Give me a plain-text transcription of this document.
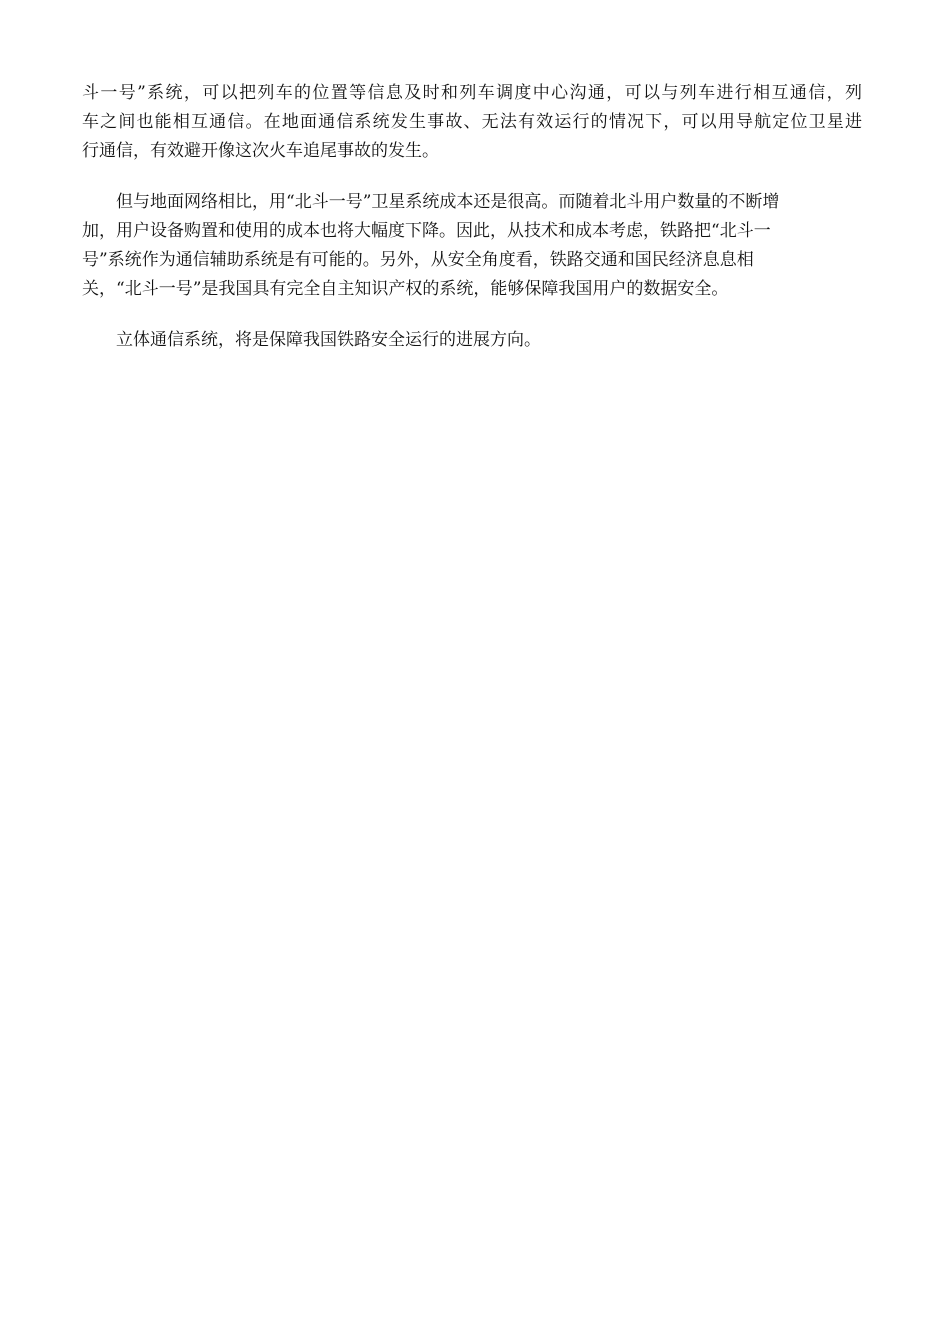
斗一号”系统，可以把列车的位置等信息及时和列车调度中心沟通，可以与列车进行相互通信，列
车之间也能相互通信。在地面通信系统发生事故、无法有效运行的情况下，可以用导航定位卫星进
行通信，有效避开像这次火车追尾事故的发生。

但与地面网络相比，用“北斗一号”卫星系统成本还是很高。而随着北斗用户数量的不断增
加，用户设备购置和使用的成本也将大幅度下降。因此，从技术和成本考虑，铁路把“北斗一
号”系统作为通信辅助系统是有可能的。另外，从安全角度看，铁路交通和国民经济息息相
关，“北斗一号”是我国具有完全自主知识产权的系统，能够保障我国用户的数据安全。

立体通信系统，将是保障我国铁路安全运行的进展方向。
